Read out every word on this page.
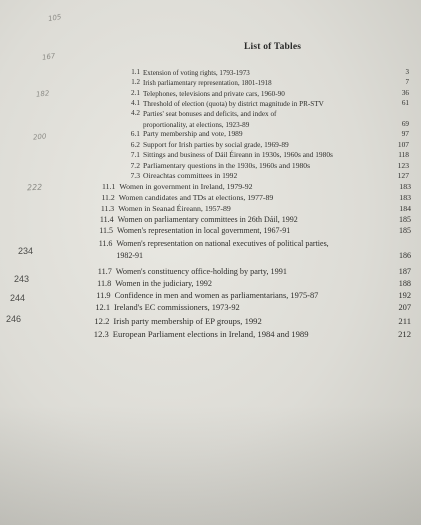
105
167
182
200
222
234
243
244
246
List of Tables
1.1 Extension of voting rights, 1793-1973	3
1.2 Irish parliamentary representation, 1801-1918	7
2.1 Telephones, televisions and private cars, 1960-90	36
4.1 Threshold of election (quota) by district magnitude in PR-STV	61
4.2 Parties' seat bonuses and deficits, and index of
proportionality, at elections, 1923-89	69
6.1 Party membership and vote, 1989	97
6.2 Support for Irish parties by social grade, 1969-89	107
7.1 Sittings and business of Dáil Éireann in 1930s, 1960s and 1980s	118
7.2 Parliamentary questions in the 1930s, 1960s and 1980s	123
7.3 Oireachtas committees in 1992	127
11.1 Women in government in Ireland, 1979-92	183
11.2 Women candidates and TDs at elections, 1977-89	183
11.3 Women in Seanad Éireann, 1957-89	184
11.4 Women on parliamentary committees in 26th Dáil, 1992	185
11.5 Women's representation in local government, 1967-91	185
11.6 Women's representation on national executives of political parties,
1982-91	186
11.7 Women's constituency office-holding by party, 1991	187
11.8 Women in the judiciary, 1992	188
11.9 Confidence in men and women as parliamentarians, 1975-87	192
12.1 Ireland's EC commissioners, 1973-92	207
12.2 Irish party membership of EP groups, 1992	211
12.3 European Parliament elections in Ireland, 1984 and 1989	212
